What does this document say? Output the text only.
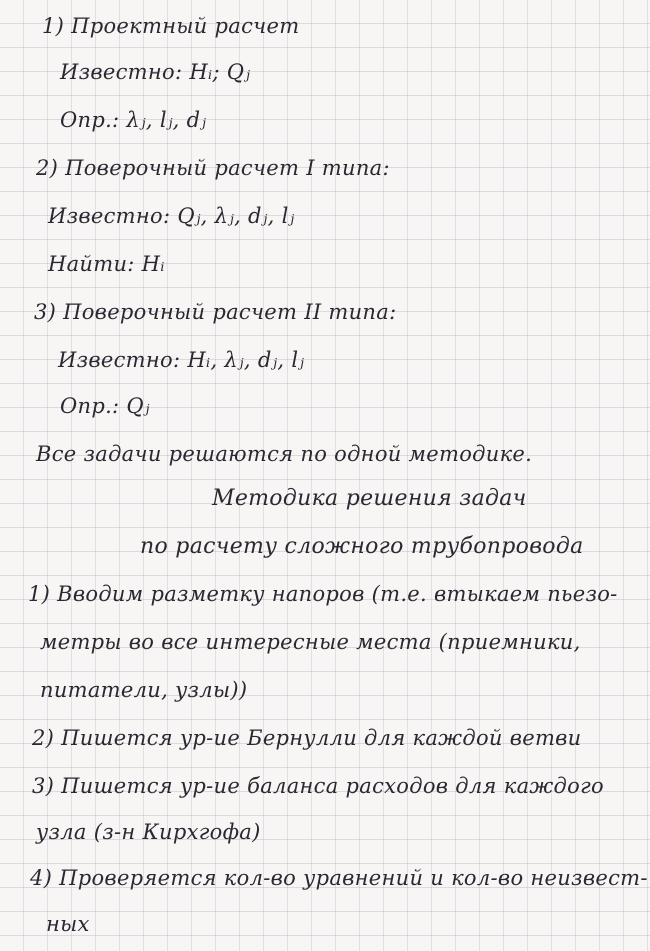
1) Проектный расчет
Известно: Hᵢ; Qⱼ
Опр.: λⱼ, lⱼ, dⱼ
2) Поверочный расчет I типа:
Известно: Qⱼ, λⱼ, dⱼ, lⱼ
Найти: Hᵢ
3) Поверочный расчет II типа:
Известно: Hᵢ, λⱼ, dⱼ, lⱼ
Опр.: Qⱼ
Все задачи решаются по одной методике.
Методика решения задач
по расчету сложного трубопровода
1) Вводим разметку напоров (т.е. втыкаем пьезо-
метры во все интересные места (приемники,
питатели, узлы))
2) Пишется ур-ие Бернулли для каждой ветви
3) Пишется ур-ие баланса расходов для каждого
узла (з-н Кирхгофа)
4) Проверяется кол-во уравнений и кол-во неизвест-
ных
